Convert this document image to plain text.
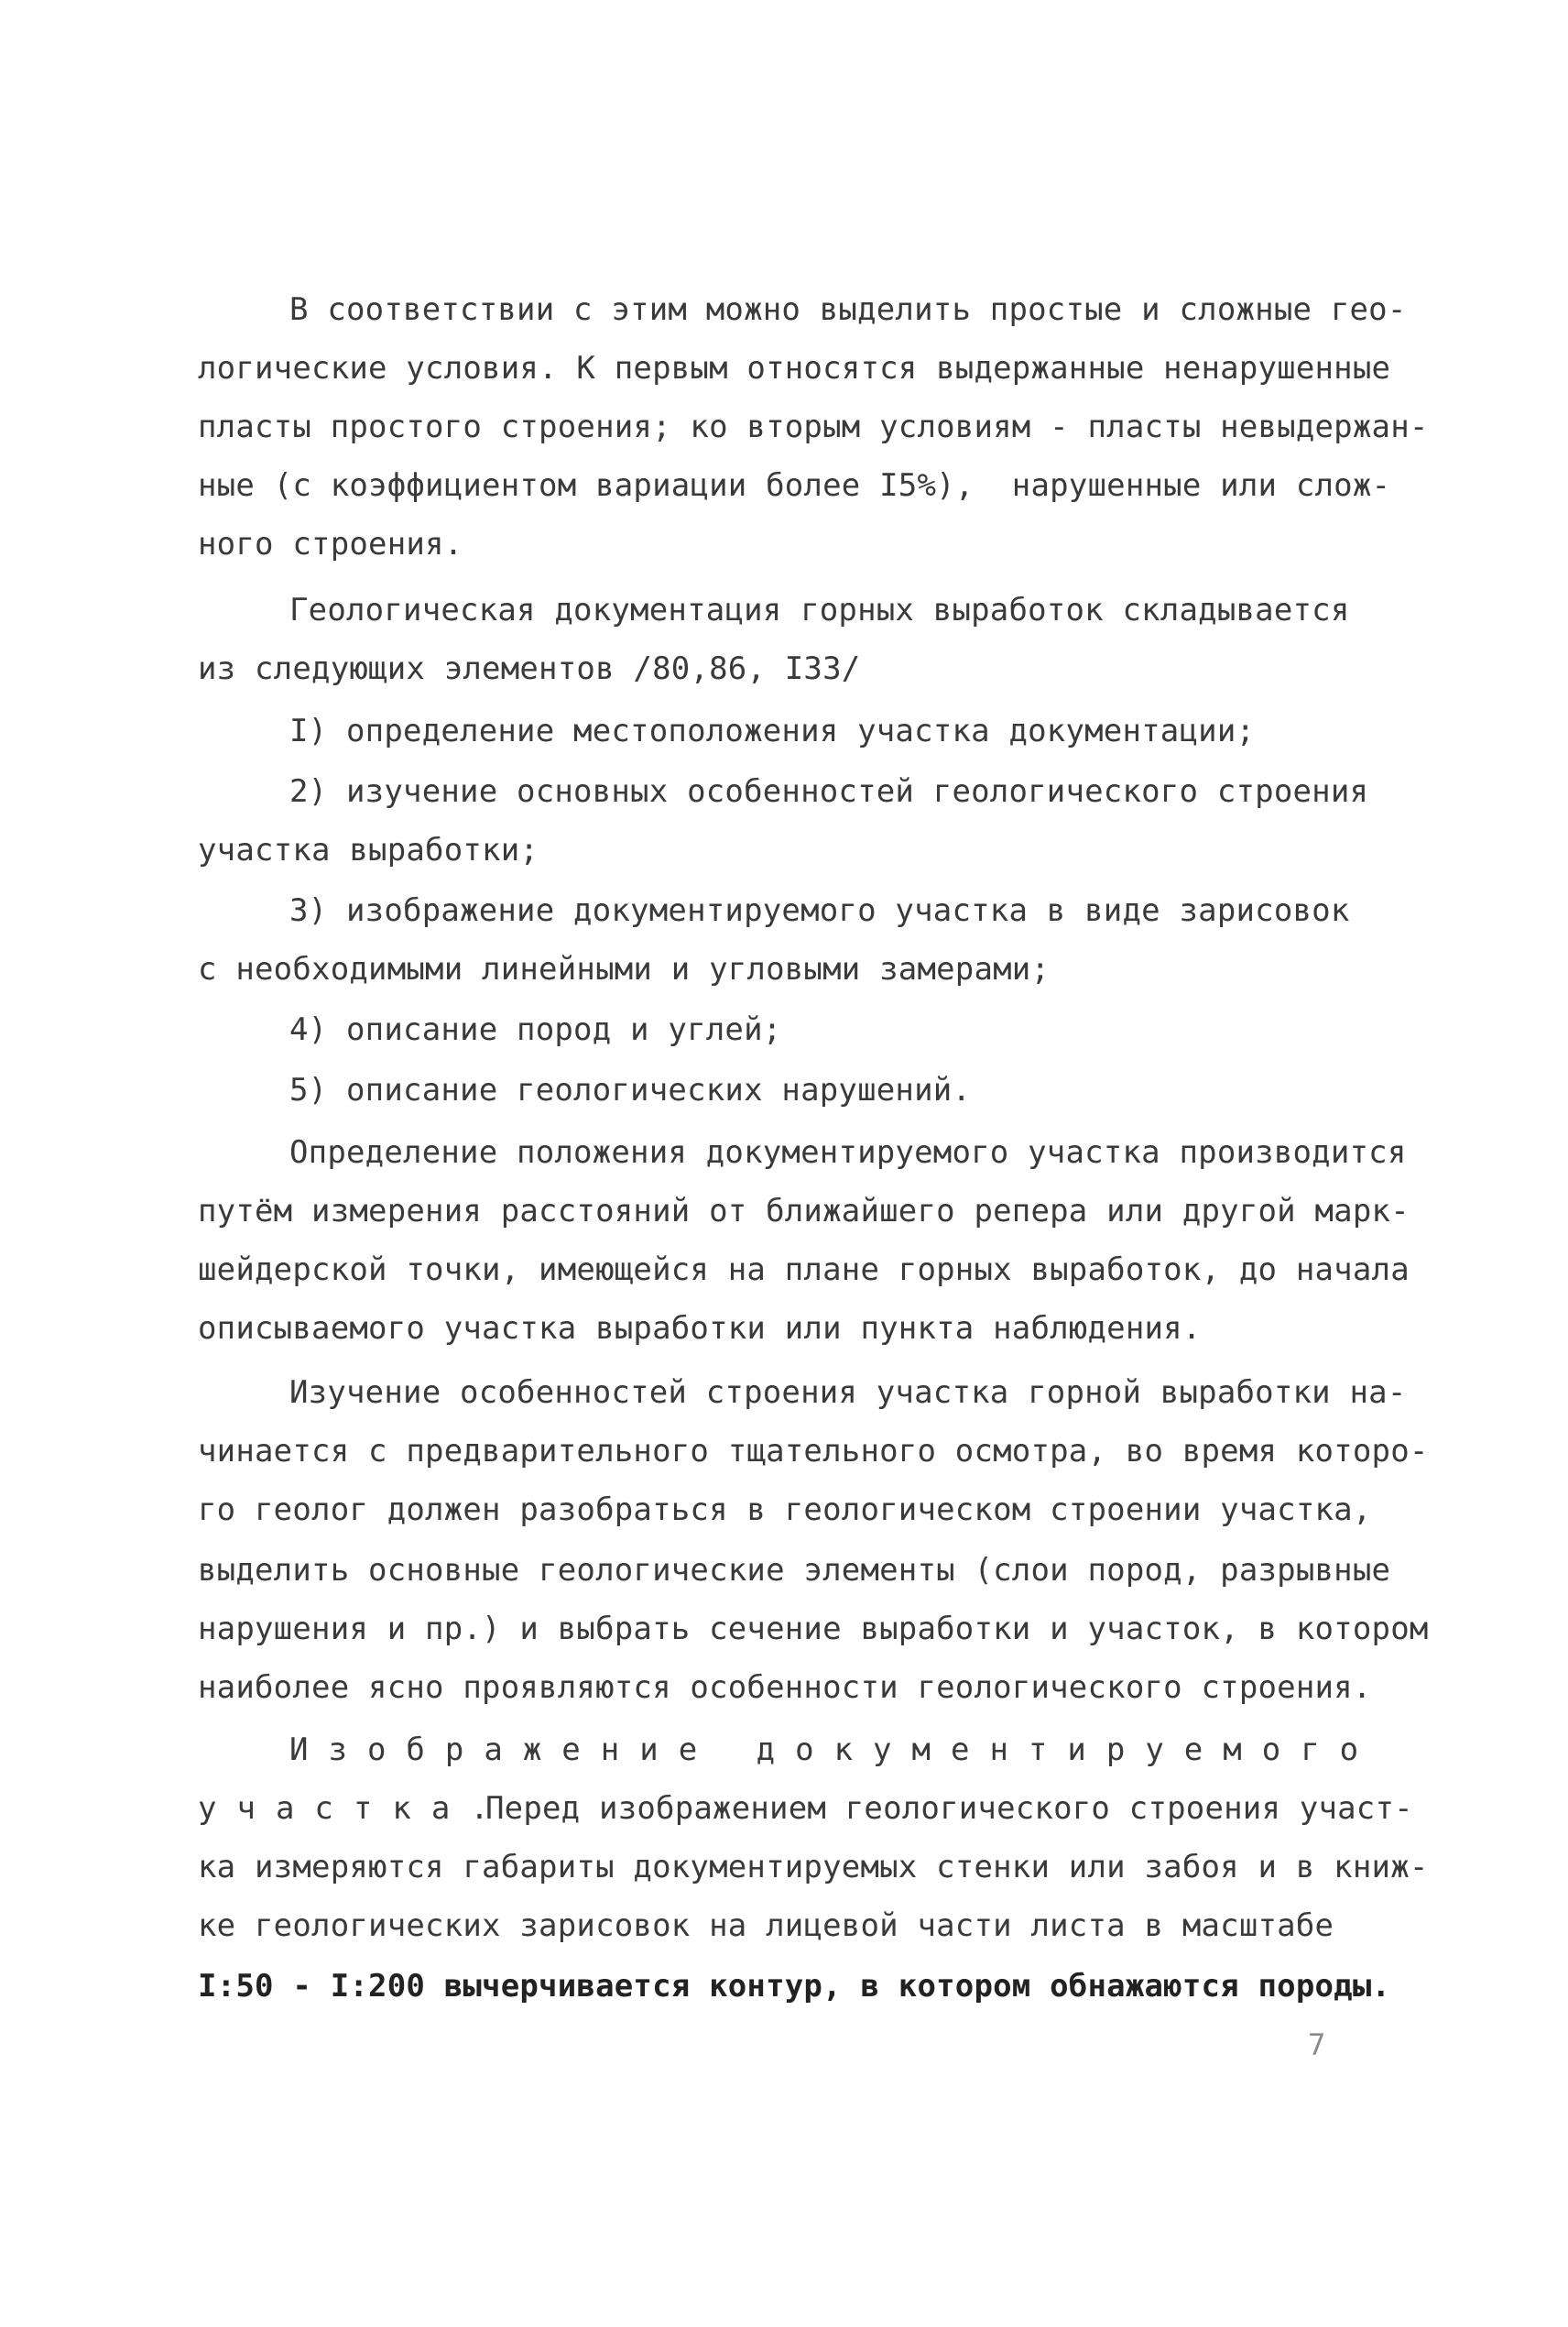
В соответствии с этим можно выделить простые и сложные гео-
логические условия. К первым относятся выдержанные ненарушенные
пласты простого строения; ко вторым условиям - пласты невыдержан-
ные (с коэффициентом вариации более I5%),  нарушенные или слож-
ного строения.
Геологическая документация горных выработок складывается
из следующих элементов /80,86, I33/
I) определение местоположения участка документации;
2) изучение основных особенностей геологического строения
участка выработки;
3) изображение документируемого участка в виде зарисовок
с необходимыми линейными и угловыми замерами;
4) описание пород и углей;
5) описание геологических нарушений.
Определение положения документируемого участка производится
путём измерения расстояний от ближайшего репера или другой марк-
шейдерской точки, имеющейся на плане горных выработок, до начала
описываемого участка выработки или пункта наблюдения.
Изучение особенностей строения участка горной выработки на-
чинается с предварительного тщательного осмотра, во время которо-
го геолог должен разобраться в геологическом строении участка,
выделить основные геологические элементы (слои пород, разрывные
нарушения и пр.) и выбрать сечение выработки и участок, в котором
наиболее ясно проявляются особенности геологического строения.
Изображение документируемого
участка.
Перед изображением геологического строения участ-
ка измеряются габариты документируемых стенки или забоя и в книж-
ке геологических зарисовок на лицевой части листа в масштабе
I:50 - I:200 вычерчивается контур, в котором обнажаются породы.
7
